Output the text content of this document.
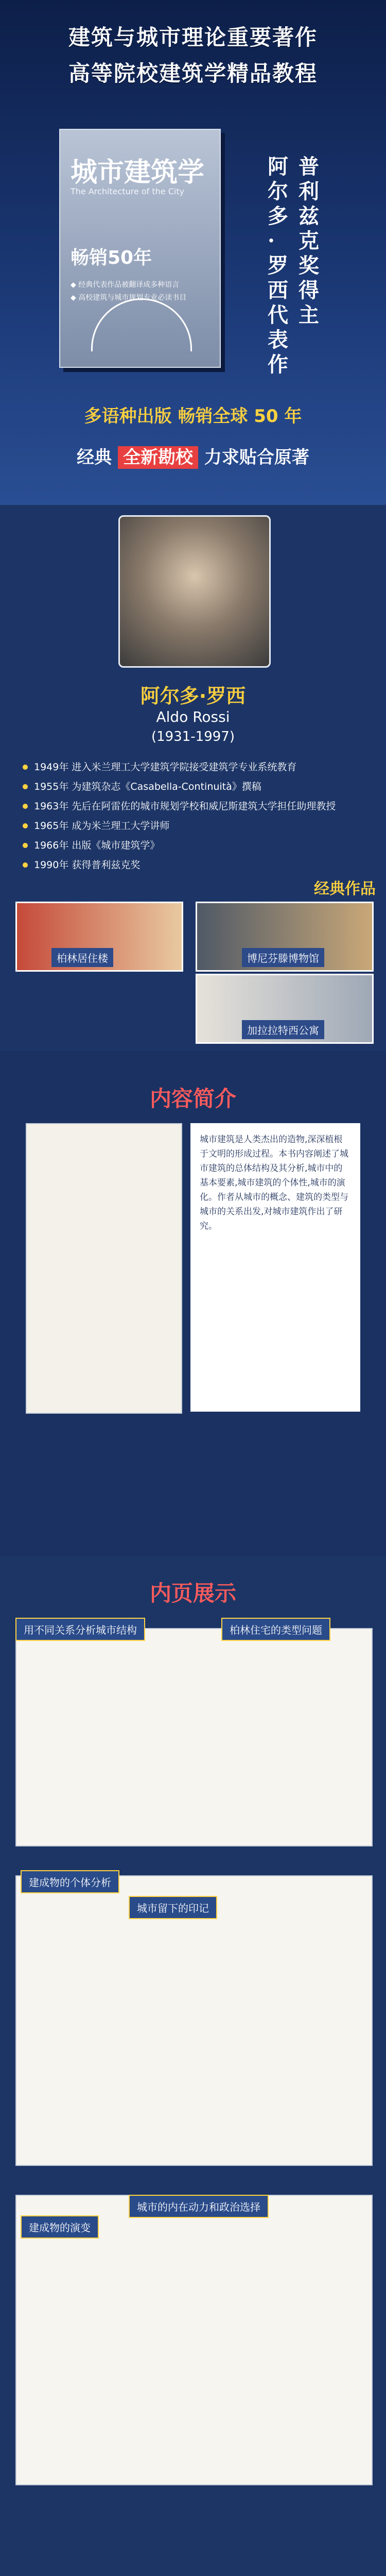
建筑与城市理论重要著作
高等院校建筑学精品教程
城市建筑学
The Architecture of the City
畅销50年
◆ 经典代表作品被翻译成多种语言
◆ 高校建筑与城市规划专业必读书目
普利兹克奖得主
阿尔多·罗西代表作
多语种出版 畅销全球 50 年
经典 全新勘校 力求贴合原著
阿尔多·罗西
Aldo Rossi
(1931-1997)
1949年 进入米兰理工大学建筑学院接受建筑学专业系统教育
1955年 为建筑杂志《Casabella-Continuità》撰稿
1963年 先后在阿雷佐的城市规划学校和威尼斯建筑大学担任助理教授
1965年 成为米兰理工大学讲师
1966年 出版《城市建筑学》
1990年 获得普利兹克奖
经典作品
柏林居住楼	博尼芬滕博物馆
加拉拉特西公寓
内容简介
城市建筑是人类杰出的造物,深深植根于文明的形成过程。本书内容阐述了城市建筑的总体结构及其分析,城市中的基本要素,城市建筑的个体性,城市的演化。作者从城市的概念、建筑的类型与城市的关系出发,对城市建筑作出了研究。
内页展示
用不同关系分析城市结构	柏林住宅的类型问题
建成物的个体分析
城市留下的印记
建成物的演变
城市的内在动力和政治选择
